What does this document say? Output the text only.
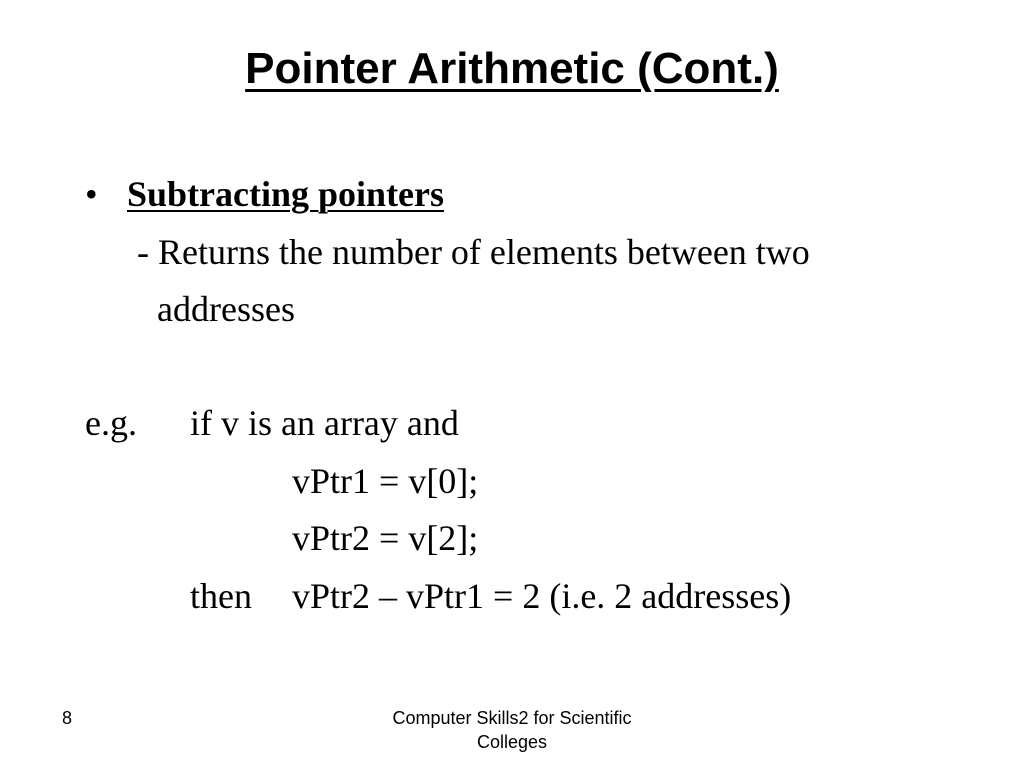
Pointer Arithmetic (Cont.)

• Subtracting pointers

- Returns the number of elements between two

addresses

e.g. if v is an array and

vPtr1 = v[0];

vPtr2 = v[2];

then vPtr2 – vPtr1 = 2 (i.e. 2 addresses)

8	Computer Skills2 for Scientific
Colleges
